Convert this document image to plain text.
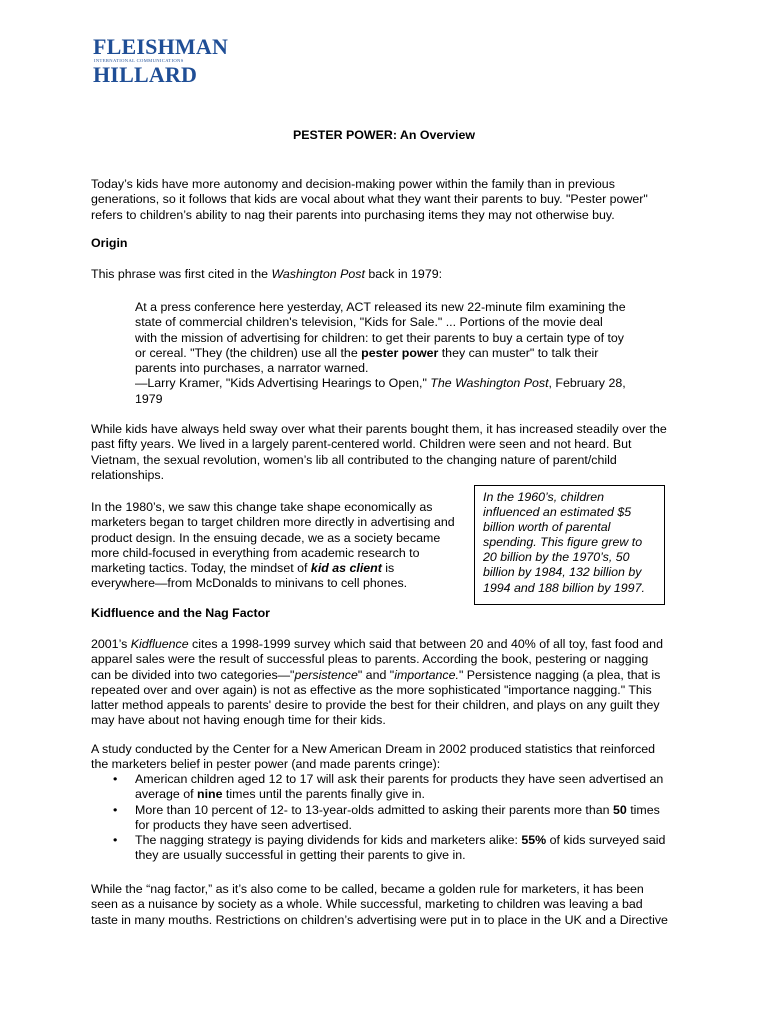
FLEISHMAN
INTERNATIONAL COMMUNICATIONS
HILLARD
PESTER POWER: An Overview

Today’s kids have more autonomy and decision-making power within the family than in previous

generations, so it follows that kids are vocal about what they want their parents to buy. "Pester power"

refers to children’s ability to nag their parents into purchasing items they may not otherwise buy.

Origin

This phrase was first cited in the Washington Post back in 1979:

At a press conference here yesterday, ACT released its new 22-minute film examining the
state of commercial children's television, "Kids for Sale." ... Portions of the movie deal
with the mission of advertising for children: to get their parents to buy a certain type of toy
or cereal. "They (the children) use all the pester power they can muster" to talk their
parents into purchases, a narrator warned.
—Larry Kramer, "Kids Advertising Hearings to Open," The Washington Post, February 28,
1979

While kids have always held sway over what their parents bought them, it has increased steadily over the

past fifty years. We lived in a largely parent-centered world. Children were seen and not heard. But

Vietnam, the sexual revolution, women’s lib all contributed to the changing nature of parent/child

relationships.

In the 1980’s, we saw this change take shape economically as

marketers began to target children more directly in advertising and

product design. In the ensuing decade, we as a society became

more child-focused in everything from academic research to

marketing tactics. Today, the mindset of kid as client is

everywhere—from McDonalds to minivans to cell phones.

In the 1960’s, children
influenced an estimated $5
billion worth of parental
spending. This figure grew to
20 billion by the 1970’s, 50
billion by 1984, 132 billion by
1994 and 188 billion by 1997.
Kidfluence and the Nag Factor

2001’s Kidfluence cites a 1998-1999 survey which said that between 20 and 40% of all toy, fast food and

apparel sales were the result of successful pleas to parents. According the book, pestering or nagging

can be divided into two categories—"persistence" and "importance." Persistence nagging (a plea, that is

repeated over and over again) is not as effective as the more sophisticated "importance nagging." This

latter method appeals to parents' desire to provide the best for their children, and plays on any guilt they

may have about not having enough time for their kids.

A study conducted by the Center for a New American Dream in 2002 produced statistics that reinforced

the marketers belief in pester power (and made parents cringe):

• American children aged 12 to 17 will ask their parents for products they have seen advertised an
average of nine times until the parents finally give in.
• More than 10 percent of 12- to 13-year-olds admitted to asking their parents more than 50 times
for products they have seen advertised.
• The nagging strategy is paying dividends for kids and marketers alike: 55% of kids surveyed said
they are usually successful in getting their parents to give in.

While the “nag factor,” as it’s also come to be called, became a golden rule for marketers, it has been

seen as a nuisance by society as a whole. While successful, marketing to children was leaving a bad

taste in many mouths. Restrictions on children’s advertising were put in to place in the UK and a Directive
